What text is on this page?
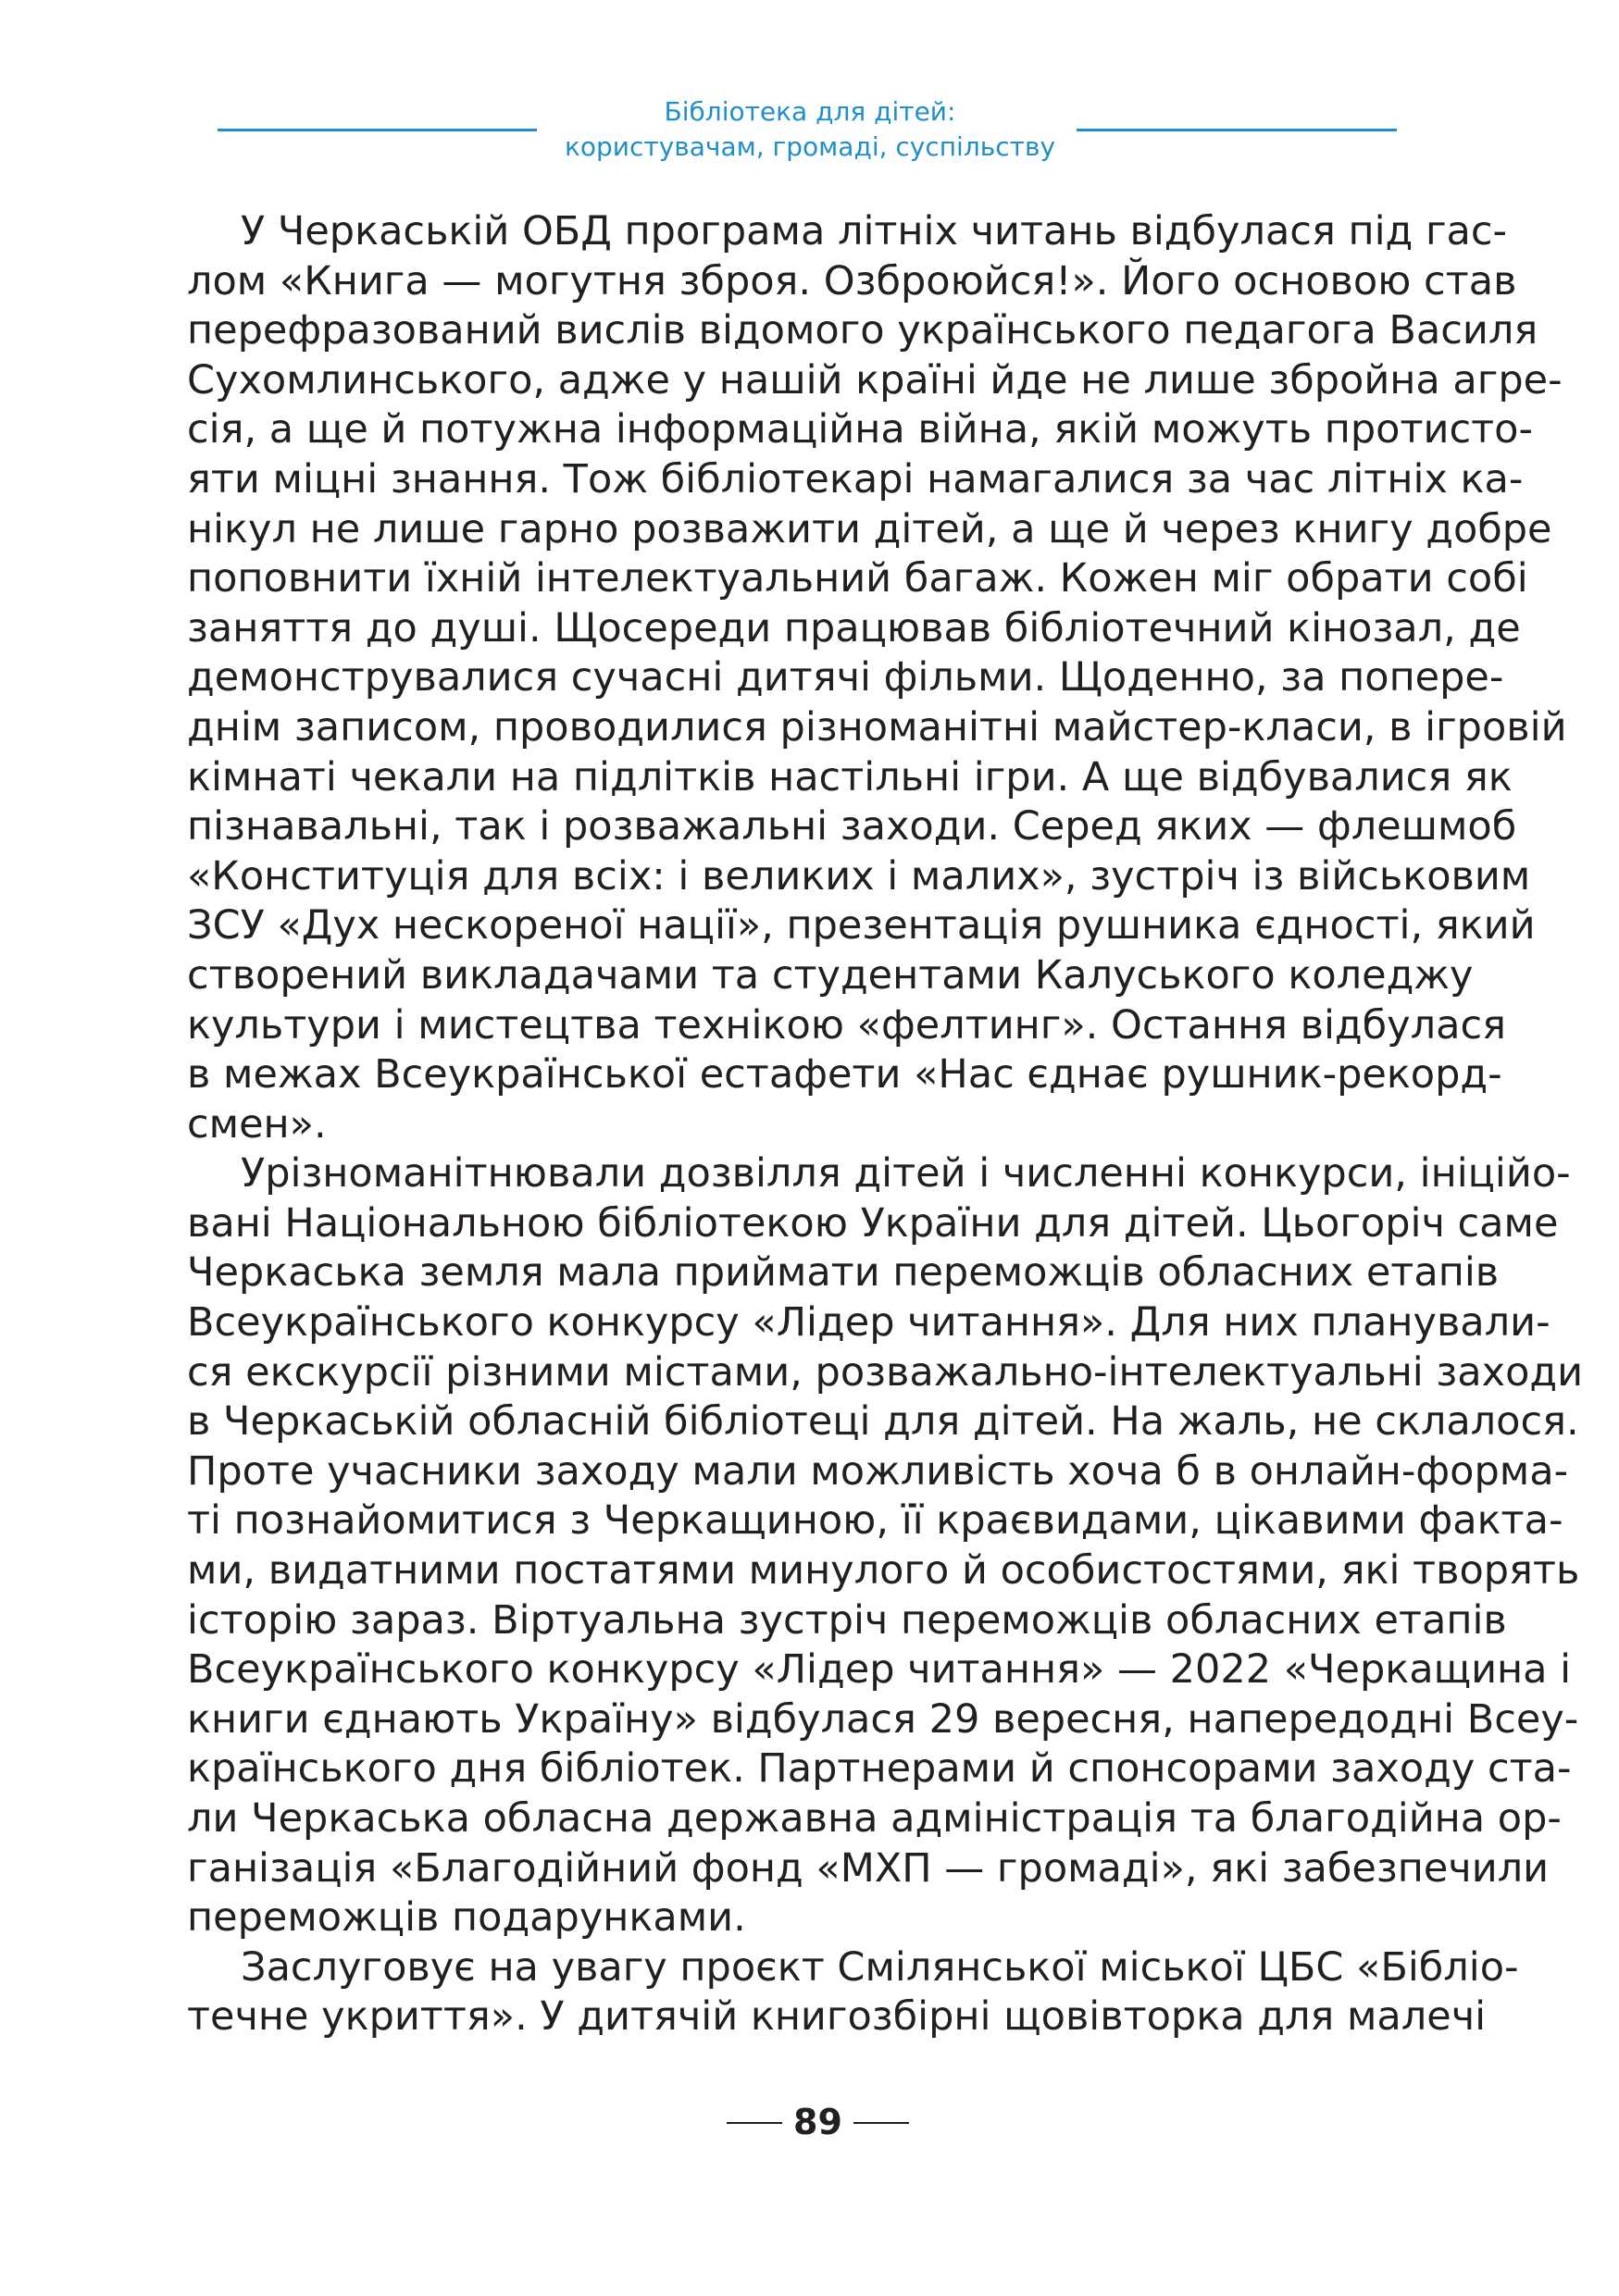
Бібліотека для дітей:
користувачам, громаді, суспільству
У Черкаській ОБД програма літніх читань відбулася під гас-
лом «Книга — могутня зброя. Озброюйся!». Його основою став
перефразований вислів відомого українського педагога Василя
Сухомлинського, адже у нашій країні йде не лише збройна агре-
сія, а ще й потужна інформаційна війна, якій можуть протисто-
яти міцні знання. Тож бібліотекарі намагалися за час літніх ка-
нікул не лише гарно розважити дітей, а ще й через книгу добре
поповнити їхній інтелектуальний багаж. Кожен міг обрати собі
заняття до душі. Щосереди працював бібліотечний кінозал, де
демонструвалися сучасні дитячі фільми. Щоденно, за попере-
днім записом, проводилися різноманітні майстер-класи, в ігровій
кімнаті чекали на підлітків настільні ігри. А ще відбувалися як
пізнавальні, так і розважальні заходи. Серед яких — флешмоб
«Конституція для всіх: і великих і малих», зустріч із військовим
ЗСУ «Дух нескореної нації», презентація рушника єдності, який
створений викладачами та студентами Калуського коледжу
культури і мистецтва технікою «фелтинг». Остання відбулася
в межах Всеукраїнської естафети «Нас єднає рушник-рекорд-
смен».
Урізноманітнювали дозвілля дітей і численні конкурси, ініційо-
вані Національною бібліотекою України для дітей. Цьогоріч саме
Черкаська земля мала приймати переможців обласних етапів
Всеукраїнського конкурсу «Лідер читання». Для них планували-
ся екскурсії різними містами, розважально-інтелектуальні заходи
в Черкаській обласній бібліотеці для дітей. На жаль, не склалося.
Проте учасники заходу мали можливість хоча б в онлайн-форма-
ті познайомитися з Черкащиною, її краєвидами, цікавими факта-
ми, видатними постатями минулого й особистостями, які творять
історію зараз. Віртуальна зустріч переможців обласних етапів
Всеукраїнського конкурсу «Лідер читання» — 2022 «Черкащина і
книги єднають Україну» відбулася 29 вересня, напередодні Всеу-
країнського дня бібліотек. Партнерами й спонсорами заходу ста-
ли Черкаська обласна державна адміністрація та благодійна ор-
ганізація «Благодійний фонд «МХП — громаді», які забезпечили
переможців подарунками.
Заслуговує на увагу проєкт Смілянської міської ЦБС «Бібліо-
течне укриття». У дитячій книгозбірні щовівторка для малечі
89
